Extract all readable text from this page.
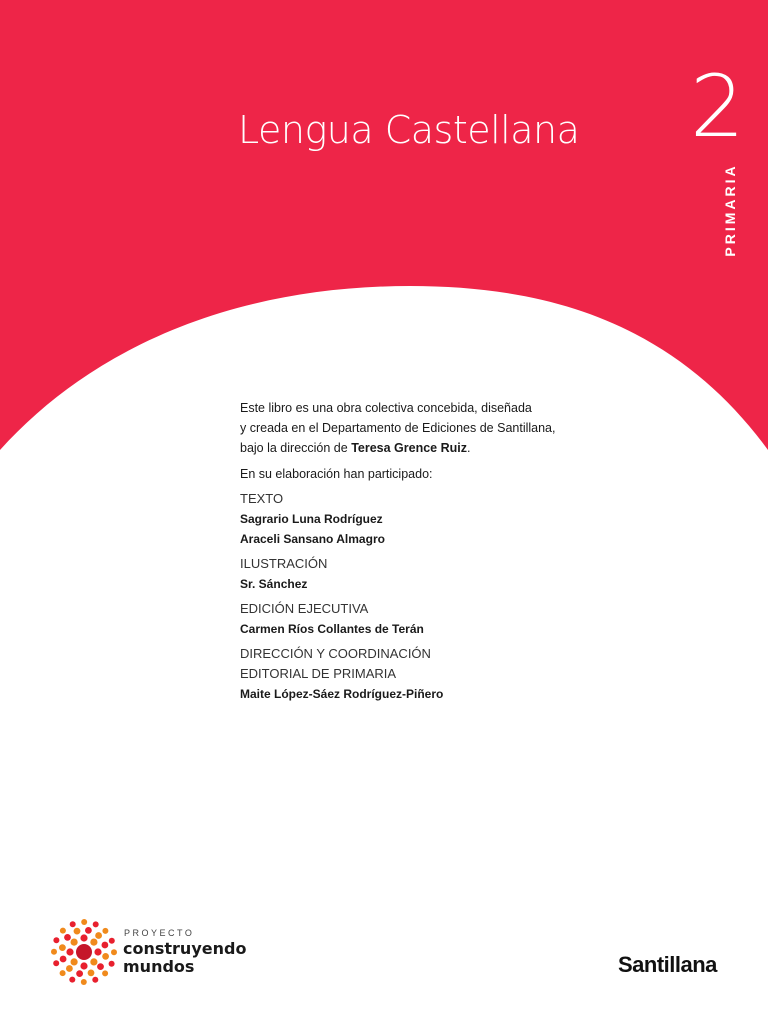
Lengua Castellana 2
PRIMARIA

Este libro es una obra colectiva concebida, diseñada

y creada en el Departamento de Ediciones de Santillana,

bajo la dirección de Teresa Grence Ruiz.

En su elaboración han participado:

TEXTO

Sagrario Luna Rodríguez

Araceli Sansano Almagro

ILUSTRACIÓN

Sr. Sánchez

EDICIÓN EJECUTIVA

Carmen Ríos Collantes de Terán

DIRECCIÓN Y COORDINACIÓN

EDITORIAL DE PRIMARIA

Maite López-Sáez Rodríguez-Piñero

PROYECTO
construyendo
mundos	Santillana
